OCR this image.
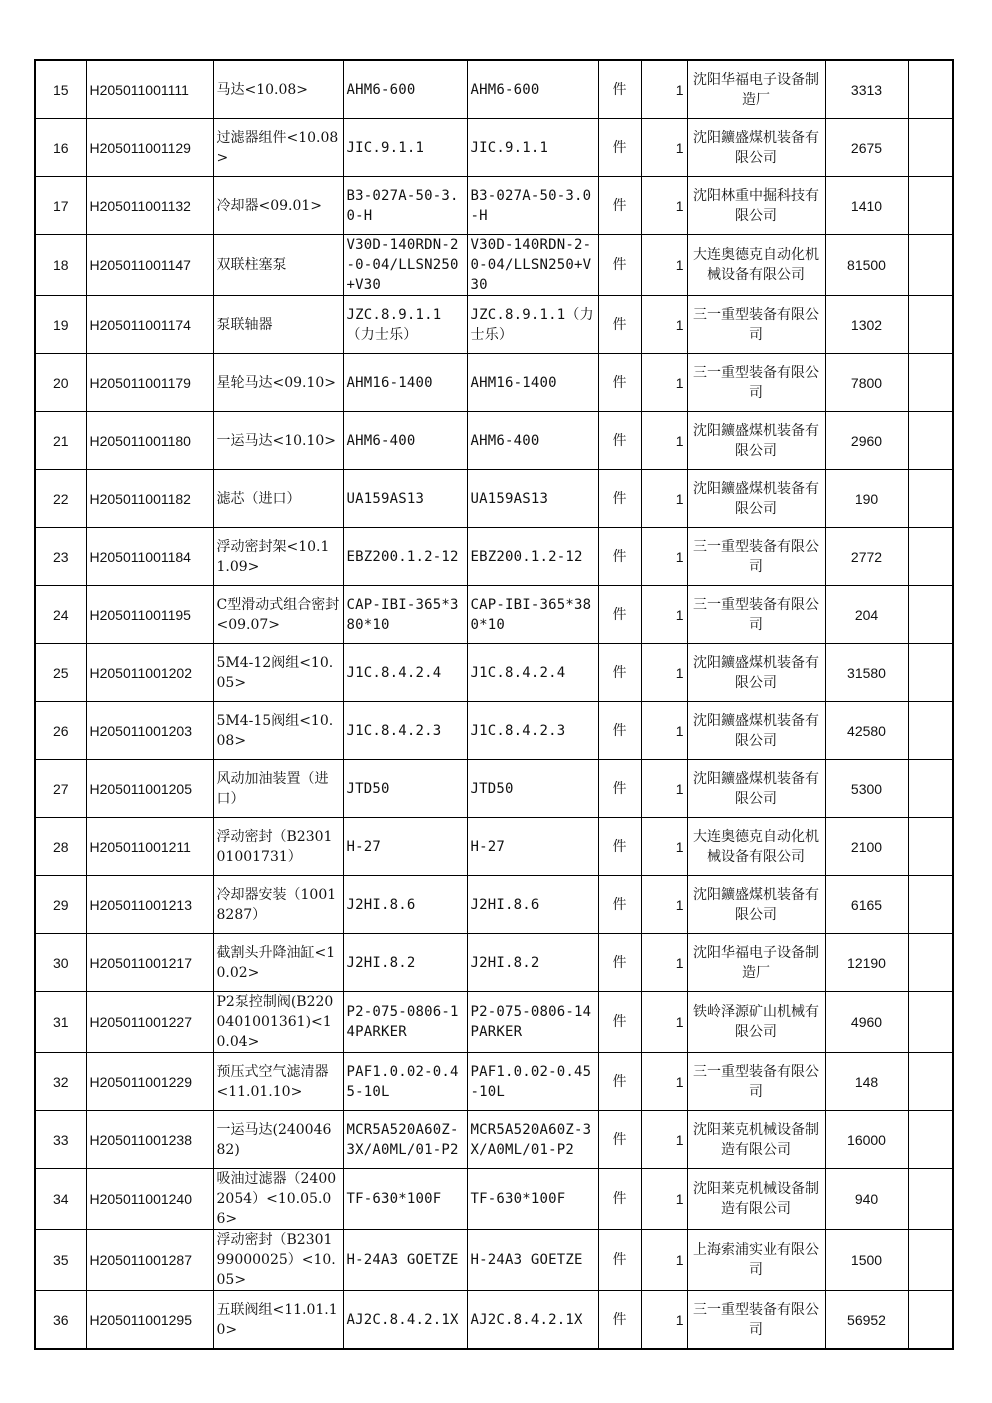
15	H205011001111	马达<10.08>	AHM6-600	AHM6-600	件	1	沈阳华福电子设备制造厂	3313	
16	H205011001129	过滤器组件<10.08>	JIC.9.1.1	JIC.9.1.1	件	1	沈阳鑛盛煤机装备有限公司	2675	
17	H205011001132	冷却器<09.01>	B3-027A-50-3.0-H	B3-027A-50-3.0-H	件	1	沈阳林重中掘科技有限公司	1410	
18	H205011001147	双联柱塞泵	V30D-140RDN-2-0-04/LLSN250+V30	V30D-140RDN-2-0-04/LLSN250+V30	件	1	大连奥德克自动化机械设备有限公司	81500	
19	H205011001174	泵联轴器	JZC.8.9.1.1（力士乐）	JZC.8.9.1.1（力士乐）	件	1	三一重型装备有限公司	1302	
20	H205011001179	星轮马达<09.10>	AHM16-1400	AHM16-1400	件	1	三一重型装备有限公司	7800	
21	H205011001180	一运马达<10.10>	AHM6-400	AHM6-400	件	1	沈阳鑛盛煤机装备有限公司	2960	
22	H205011001182	滤芯（进口）	UA159AS13	UA159AS13	件	1	沈阳鑛盛煤机装备有限公司	190	
23	H205011001184	浮动密封架<10.11.09>	EBZ200.1.2-12	EBZ200.1.2-12	件	1	三一重型装备有限公司	2772	
24	H205011001195	C型滑动式组合密封<09.07>	CAP-IBI-365*380*10	CAP-IBI-365*380*10	件	1	三一重型装备有限公司	204	
25	H205011001202	5M4-12阀组<10.05>	J1C.8.4.2.4	J1C.8.4.2.4	件	1	沈阳鑛盛煤机装备有限公司	31580	
26	H205011001203	5M4-15阀组<10.08>	J1C.8.4.2.3	J1C.8.4.2.3	件	1	沈阳鑛盛煤机装备有限公司	42580	
27	H205011001205	风动加油装置（进口）	JTD50	JTD50	件	1	沈阳鑛盛煤机装备有限公司	5300	
28	H205011001211	浮动密封（B230101001731）	H-27	H-27	件	1	大连奥德克自动化机械设备有限公司	2100	
29	H205011001213	冷却器安装（10018287）	J2HI.8.6	J2HI.8.6	件	1	沈阳鑛盛煤机装备有限公司	6165	
30	H205011001217	截割头升降油缸<10.02>	J2HI.8.2	J2HI.8.2	件	1	沈阳华福电子设备制造厂	12190	
31	H205011001227	P2泵控制阀(B2200401001361)<10.04>	P2-075-0806-14PARKER	P2-075-0806-14PARKER	件	1	铁岭泽源矿山机械有限公司	4960	
32	H205011001229	预压式空气滤清器<11.01.10>	PAF1.0.02-0.45-10L	PAF1.0.02-0.45-10L	件	1	三一重型装备有限公司	148	
33	H205011001238	一运马达(24004682)	MCR5A520A60Z-3X/A0ML/01-P2	MCR5A520A60Z-3X/A0ML/01-P2	件	1	沈阳莱克机械设备制造有限公司	16000	
34	H205011001240	吸油过滤器（24002054）<10.05.06>	TF-630*100F	TF-630*100F	件	1	沈阳莱克机械设备制造有限公司	940	
35	H205011001287	浮动密封（B230199000025）<10.05>	H-24A3 GOETZE	H-24A3 GOETZE	件	1	上海索浦实业有限公司	1500	
36	H205011001295	五联阀组<11.01.10>	AJ2C.8.4.2.1X	AJ2C.8.4.2.1X	件	1	三一重型装备有限公司	56952	
